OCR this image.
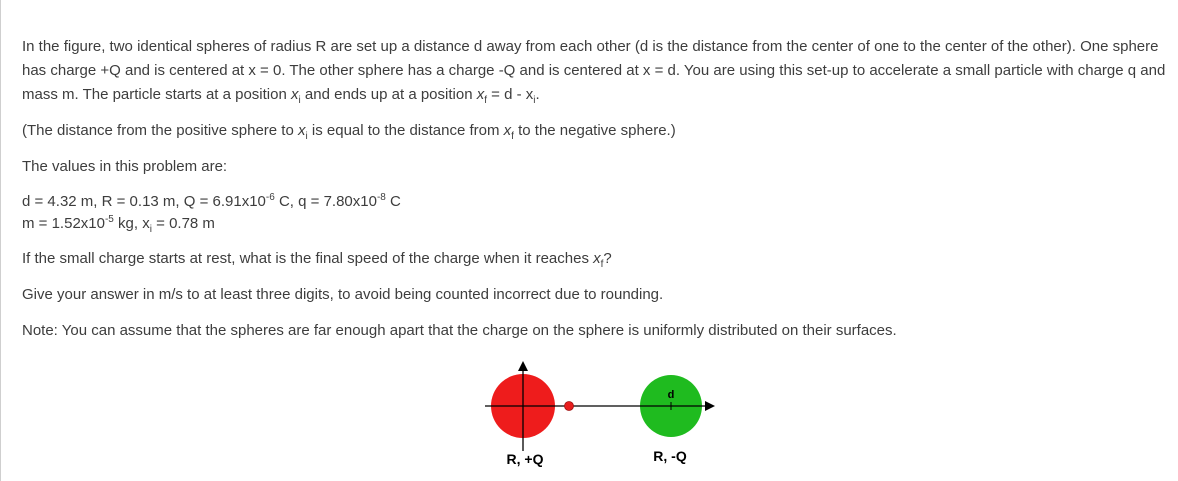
In the figure, two identical spheres of radius R are set up a distance d away from each other (d is the distance from the center of one to the center of the other). One sphere has charge +Q and is centered at x = 0. The other sphere has a charge -Q and is centered at x = d. You are using this set-up to accelerate a small particle with charge q and mass m. The particle starts at a position $x_i$ and ends up at a position $x_f = d - x_i$.

(The distance from the positive sphere to $x_i$ is equal to the distance from $x_f$ to the negative sphere.)

The values in this problem are:

d = 4.32 m, R = 0.13 m, $Q = 6.91x10^{-6}$ C, $q = 7.80x10^{-8}$ C
$m = 1.52x10^{-5}$ kg, $x_i = 0.78$ m

If the small charge starts at rest, what is the final speed of the charge when it reaches $x_f$?

Give your answer in m/s to at least three digits, to avoid being counted incorrect due to rounding.

Note: You can assume that the spheres are far enough apart that the charge on the sphere is uniformly distributed on their surfaces.

d
R, +Q	R, -Q
